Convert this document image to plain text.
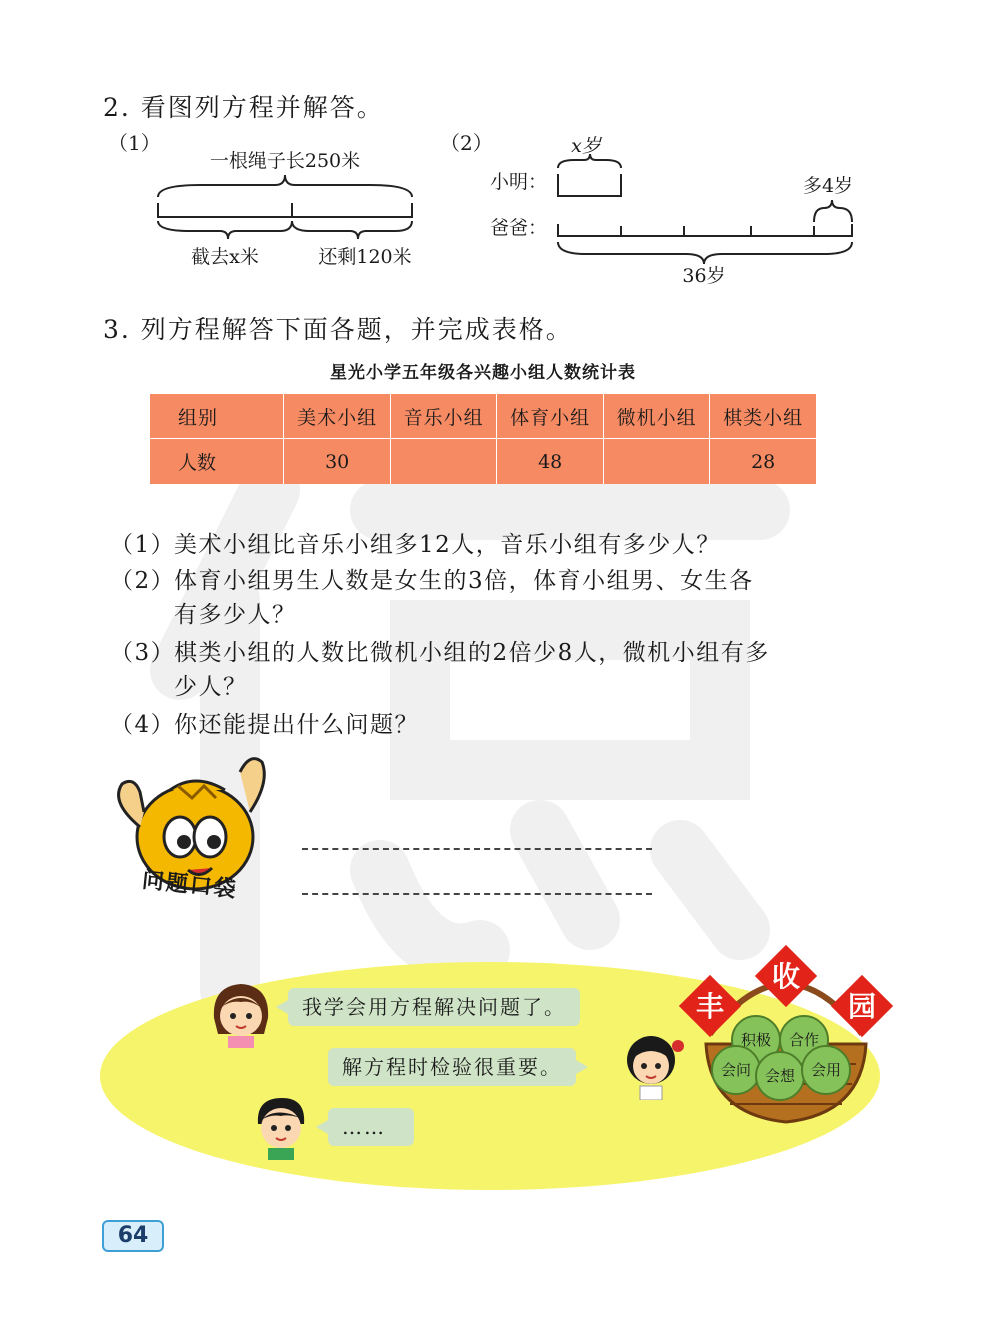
2. 看图列方程并解答。
（1）	（2）
一根绳子长250米
截去x米	还剩120米
x岁
小明：	多4岁
爸爸：
36岁
3. 列方程解答下面各题，并完成表格。
星光小学五年级各兴趣小组人数统计表
组别	美术小组	音乐小组	体育小组	微机小组	棋类小组
人数	30		48		28
（1）美术小组比音乐小组多12人，音乐小组有多少人？
（2）体育小组男生人数是女生的3倍，体育小组男、女生各
有多少人？
（3）棋类小组的人数比微机小组的2倍少8人，微机小组有多
少人？
（4）你还能提出什么问题？
问题口袋
我学会用方程解决问题了。
解方程时检验很重要。
……
积极 合作
会问 会想 会用
丰
收
园
64
